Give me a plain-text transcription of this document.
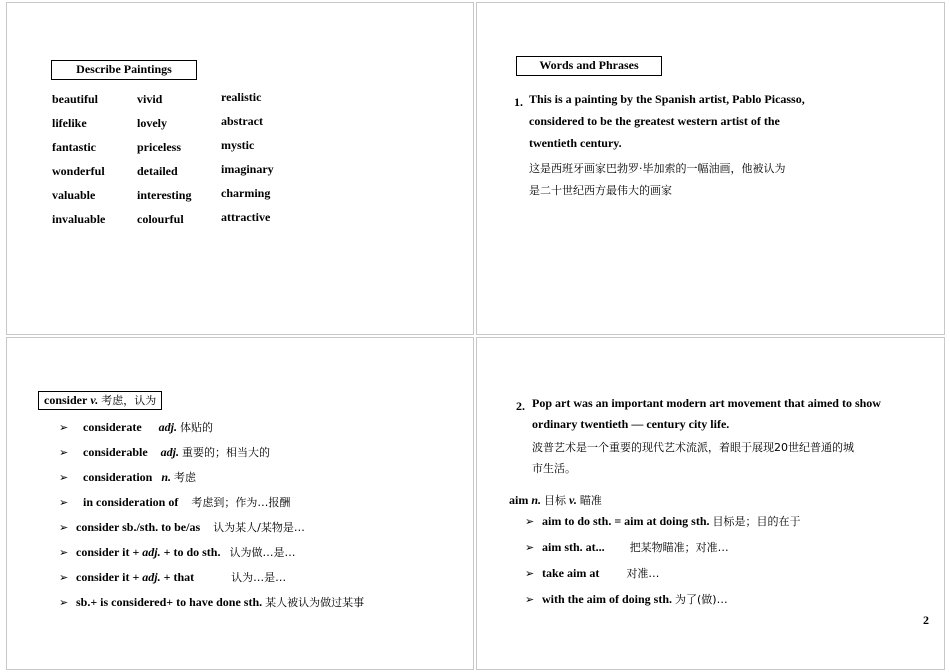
Describe Paintings
beautiful
lifelike
fantastic
wonderful
valuable
invaluable
vivid
lovely
priceless
detailed
interesting
colourful
realistic
abstract
mystic
imaginary
charming
attractive
Words and Phrases
1. This is a painting by the Spanish artist, Pablo Picasso,
considered to be the greatest western artist of the
twentieth century.
这是西班牙画家巴勃罗·毕加索的一幅油画，他被认为
是二十世纪西方最伟大的画家
consider v. 考虑，认为
➢ considerate adj. 体贴的
➢ considerable adj. 重要的；相当大的
➢ consideration n. 考虑
➢ in consideration of 考虑到；作为…报酬
➢ consider sb./sth. to be/as 认为某人/某物是…
➢ consider it + adj. + to do sth. 认为做…是…
➢ consider it + adj. + that	认为…是…
➢ sb.+ is considered+ to have done sth. 某人被认为做过某事
2. Pop art was an important modern art movement that aimed to show
ordinary twentieth — century city life.
波普艺术是一个重要的现代艺术流派，着眼于展现20世纪普通的城
市生活。
aim n. 目标 v. 瞄准
➢ aim to do sth. = aim at doing sth. 目标是；目的在于
➢ aim sth. at... 把某物瞄准；对准…
➢ take aim at 对准…
➢ with the aim of doing sth. 为了(做)…
2
